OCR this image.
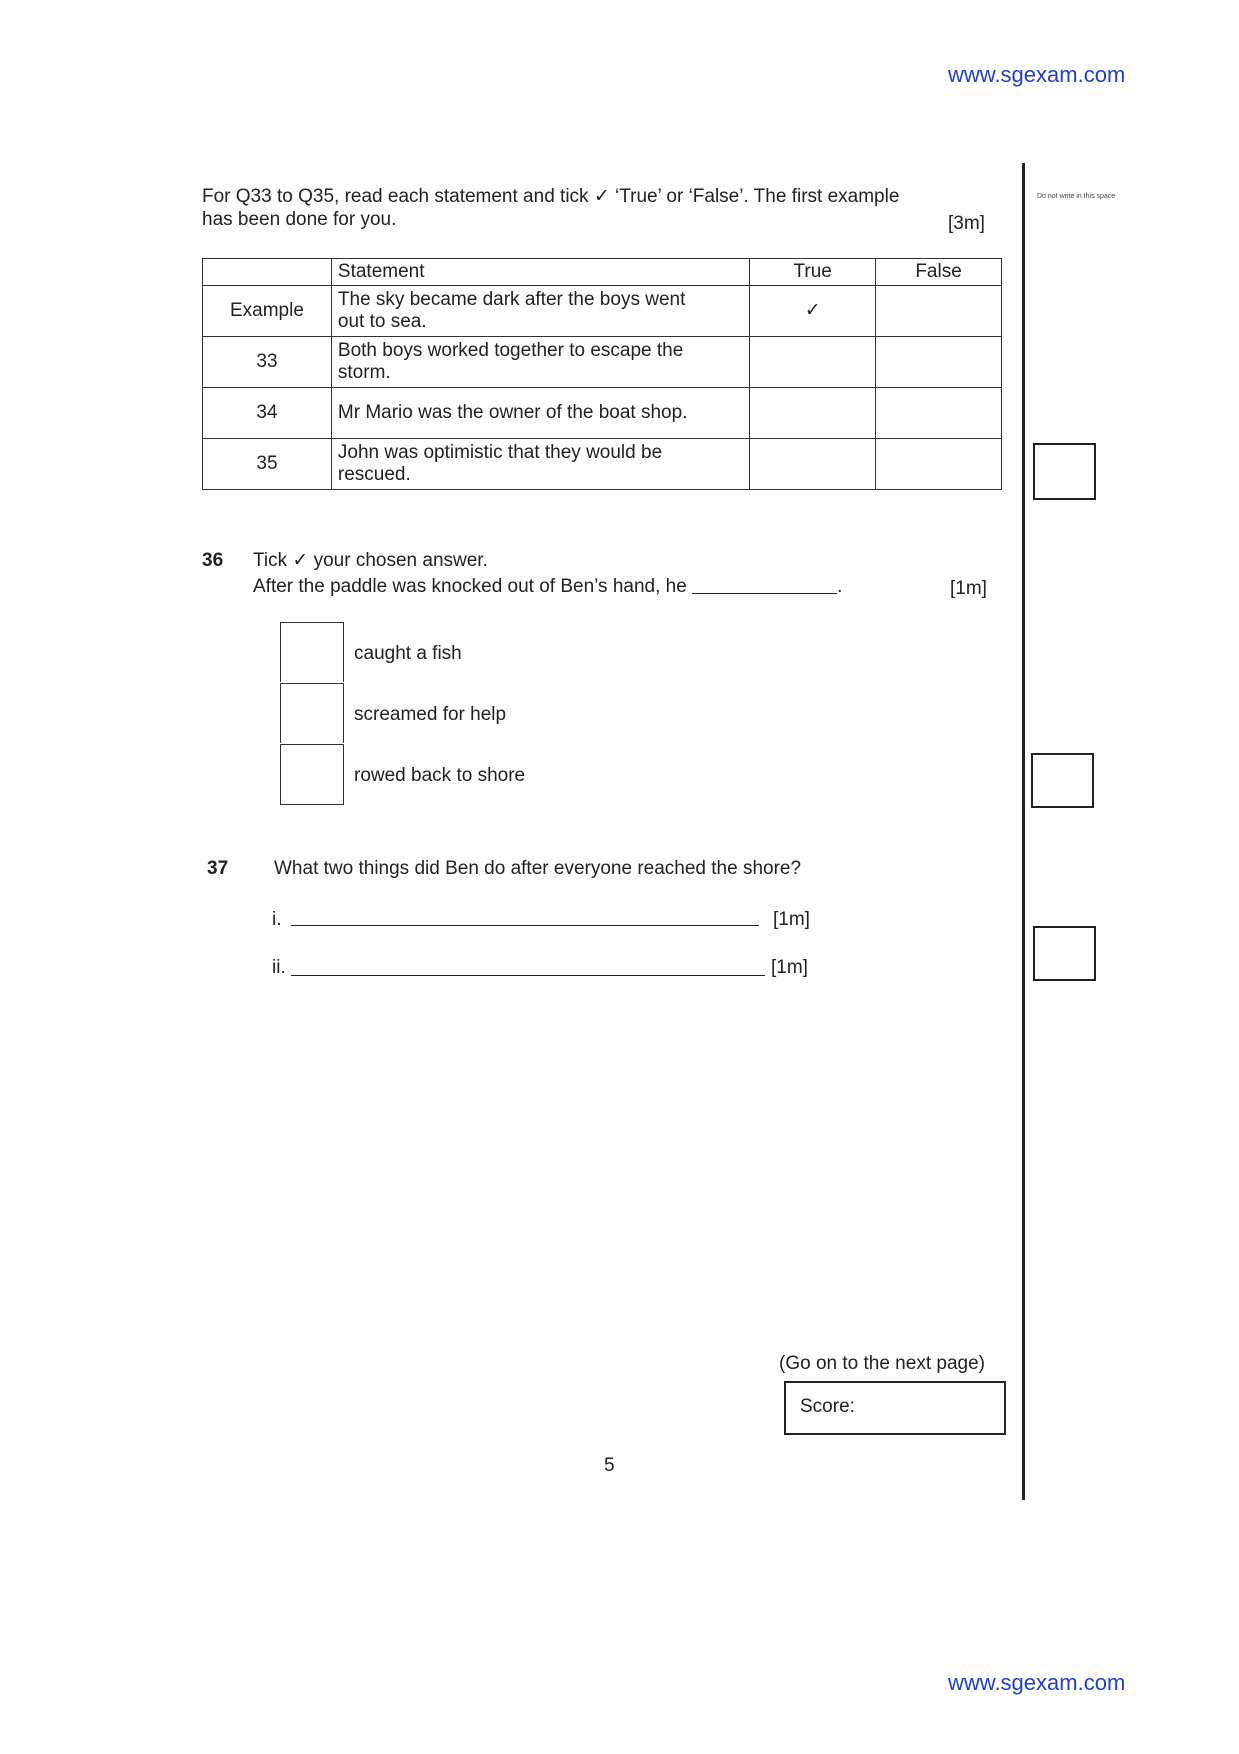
www.sgexam.com
Do not write in this space
For Q33 to Q35, read each statement and tick ✓ ‘True’ or ‘False’. The first example
has been done for you.	[3m]
	Statement	True	False
Example	The sky became dark after the boys went
out to sea.	✓	
33	Both boys worked together to escape the
storm.		

34	Mr Mario was the owner of the boat shop.		

35	John was optimistic that they would be
rescued.		

36 Tick ✓ your chosen answer.
After the paddle was knocked out of Ben’s hand, he	.	[1m]
caught a fish
screamed for help
rowed back to shore
37 What two things did Ben do after everyone reached the shore?
i.	[1m]
ii.	[1m]
(Go on to the next page)
Score:
5
www.sgexam.com
